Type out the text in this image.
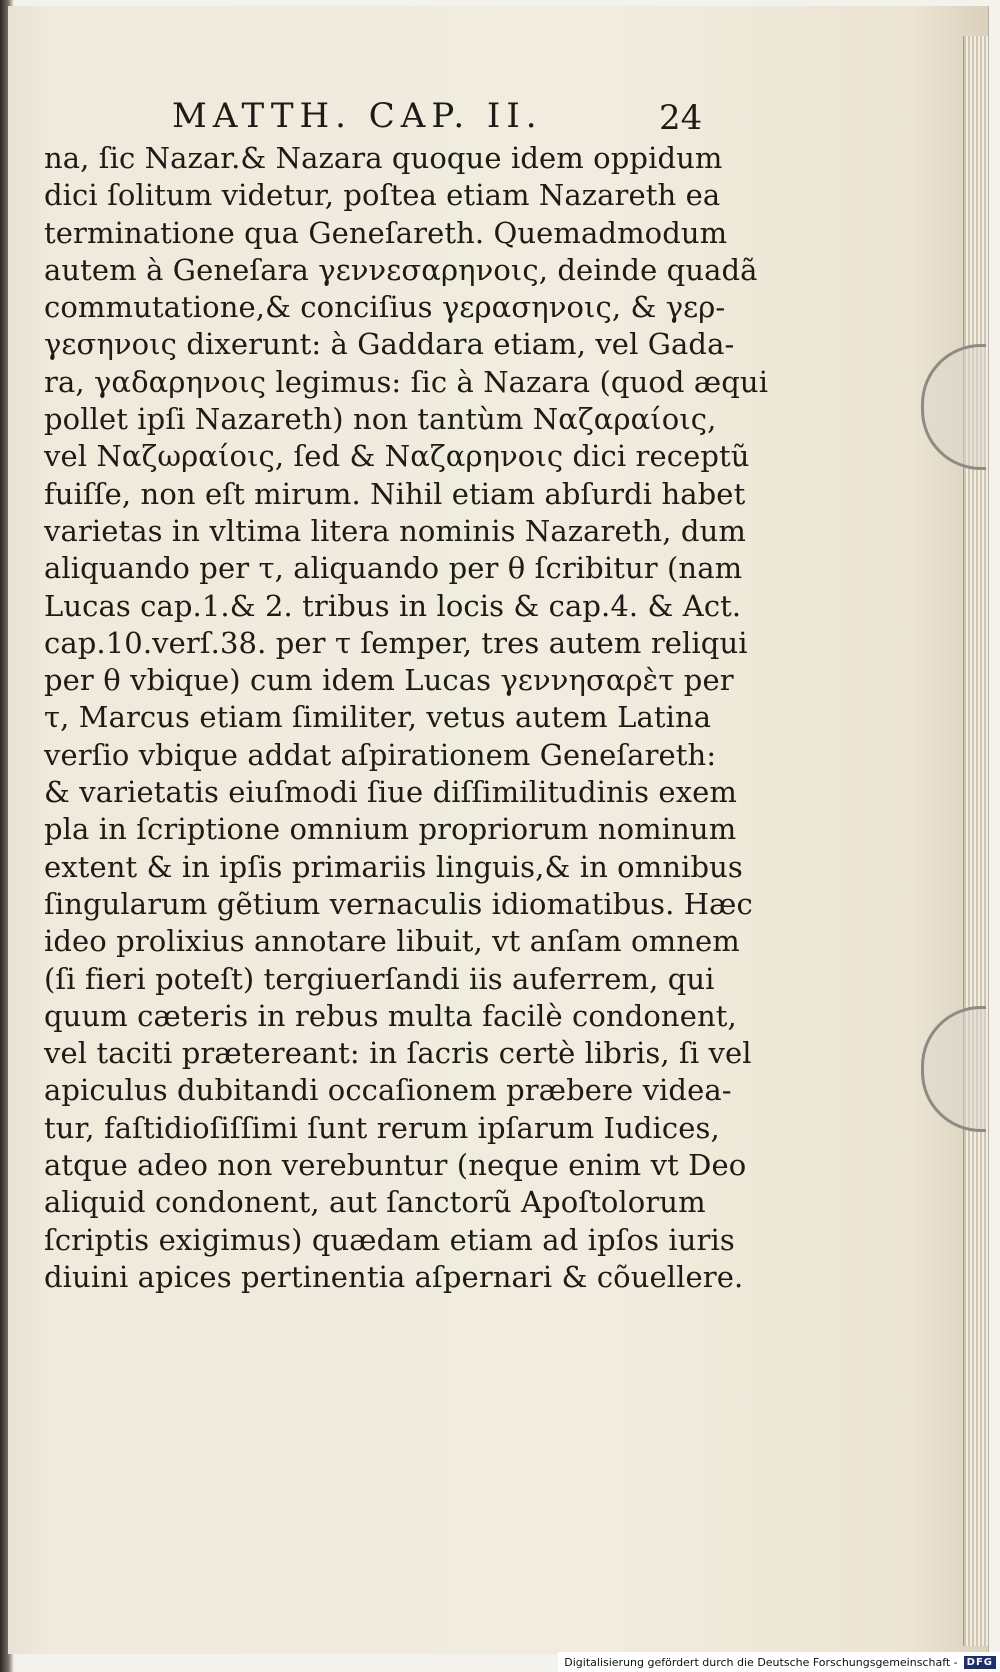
MATTH. CAP. II.	24
na, ſic Nazar.& Nazara quoque idem oppidum
dici ſolitum videtur, poſtea etiam Nazareth ea
terminatione qua Geneſareth. Quemadmodum
autem à Geneſara γεννεσαρηνοις, deinde quadã
commutatione,& conciſius γερασηνοις, & γερ-
γεσηνοις dixerunt: à Gaddara etiam, vel Gada-
ra, γαδαρηνοις legimus: ſic à Nazara (quod æqui
pollet ipſi Nazareth) non tantùm Ναζαραίοις,
vel Ναζωραίοις, ſed & Ναζαρηνοις dici receptũ
fuiſſe, non eſt mirum. Nihil etiam abſurdi habet
varietas in vltima litera nominis Nazareth, dum
aliquando per τ, aliquando per θ ſcribitur (nam
Lucas cap.1.& 2. tribus in locis & cap.4. & Act.
cap.10.verſ.38. per τ ſemper, tres autem reliqui
per θ vbique) cum idem Lucas γεννησαρὲτ per
τ, Marcus etiam ſimiliter, vetus autem Latina
verſio vbique addat aſpirationem Geneſareth:
& varietatis eiuſmodi ſiue diſſimilitudinis exem
pla in ſcriptione omnium propriorum nominum
extent & in ipſis primariis linguis,& in omnibus
ſingularum gẽtium vernaculis idiomatibus. Hæc
ideo prolixius annotare libuit, vt anſam omnem
(ſi fieri poteſt) tergiuerſandi iis auferrem, qui
quum cæteris in rebus multa facilè condonent,
vel taciti prætereant: in ſacris certè libris, ſi vel
apiculus dubitandi occaſionem præbere videa-
tur, faſtidioſiſſimi ſunt rerum ipſarum Iudices,
atque adeo non verebuntur (neque enim vt Deo
aliquid condonent, aut ſanctorũ Apoſtolorum
ſcriptis exigimus) quædam etiam ad ipſos iuris
diuini apices pertinentia aſpernari & cõuellere.
Digitalisierung gefördert durch die Deutsche Forschungsgemeinschaft - DFG
